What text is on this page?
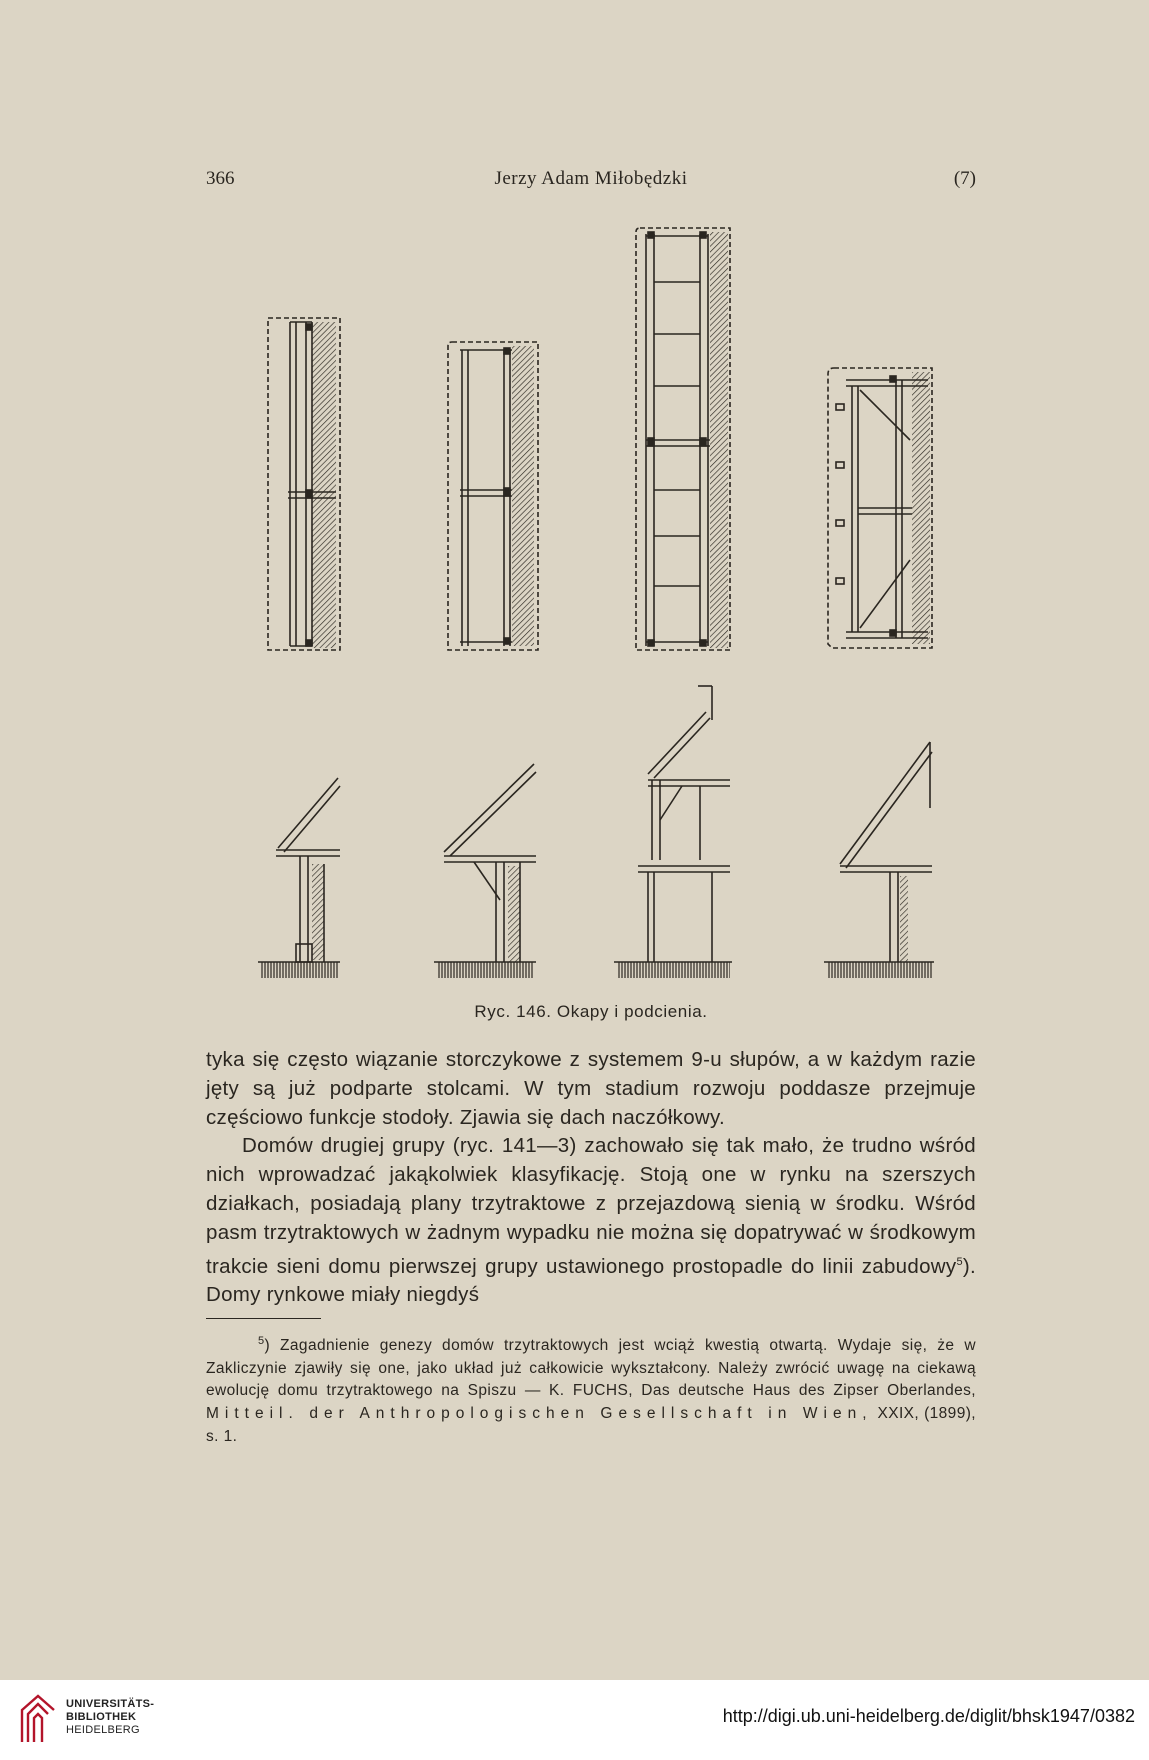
366	Jerzy Adam Miłobędzki	(7)
Ryc. 146. Okapy i podcienia.

tyka się często wiązanie storczykowe z systemem 9-u słupów, a w każdym razie jęty są już podparte stolcami. W tym stadium rozwoju poddasze przejmuje częściowo funkcje stodoły. Zjawia się dach naczółkowy.

Domów drugiej grupy (ryc. 141—3) zachowało się tak mało, że trudno wśród nich wprowadzać jakąkolwiek klasyfikację. Stoją one w rynku na szerszych działkach, posiadają plany trzytraktowe z przejazdową sienią w środku. Wśród pasm trzytraktowych w żadnym wypadku nie można się dopatrywać w środkowym trakcie sieni domu pierwszej grupy ustawionego prostopadle do linii zabudowy$^5$). Domy rynkowe miały niegdyś

$^5$) Zagadnienie genezy domów trzytraktowych jest wciąż kwestią otwartą. Wydaje się, że w Zakliczynie zjawiły się one, jako układ już całkowicie wykształcony. Należy zwrócić uwagę na ciekawą ewolucję domu trzytraktowego na Spiszu — K. FUCHS, Das deutsche Haus des Zipser Oberlandes, Mitteil. der Anthropologischen Gesellschaft in Wien, XXIX, (1899), s. 1.

UNIVERSITÄTS-
BIBLIOTHEK
HEIDELBERG
http://digi.ub.uni-heidelberg.de/diglit/bhsk1947/0382
